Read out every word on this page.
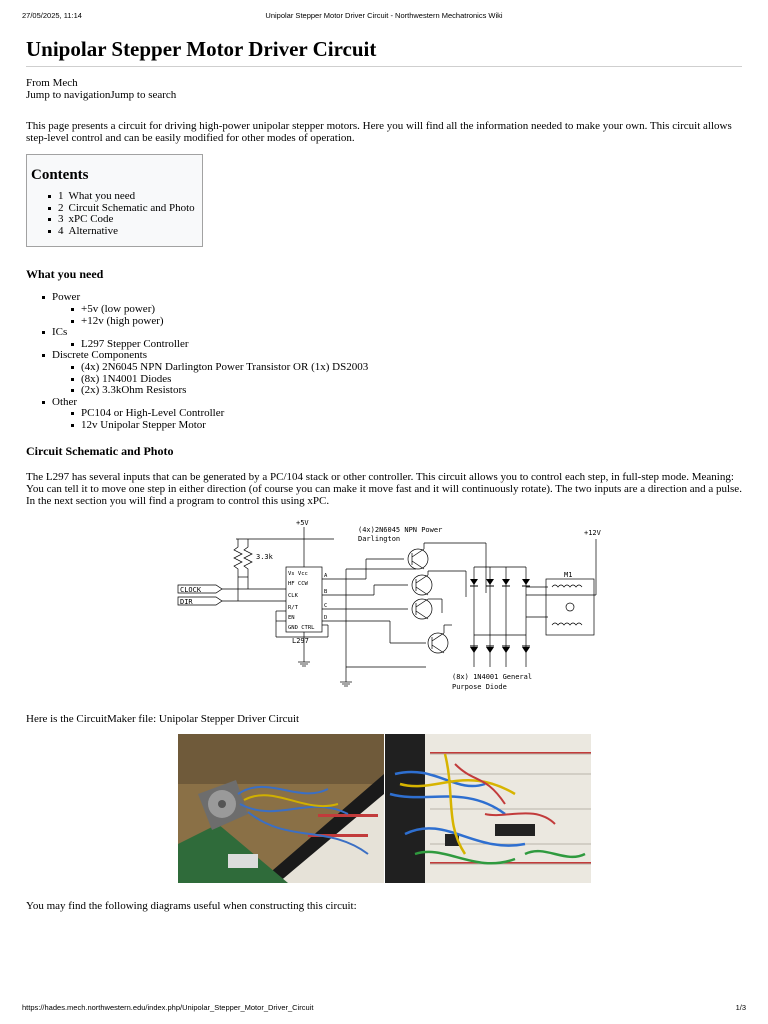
27/05/2025, 11:14	Unipolar Stepper Motor Driver Circuit - Northwestern Mechatronics Wiki
Unipolar Stepper Motor Driver Circuit
From Mech
Jump to navigationJump to search

This page presents a circuit for driving high-power unipolar stepper motors. Here you will find all the information needed to make your own. This circuit allows step-level control and can be easily modified for other modes of operation.

Contents
1 What you need
2 Circuit Schematic and Photo
3 xPC Code
4 Alternative
What you need
Power
+5v (low power)
+12v (high power)
ICs
L297 Stepper Controller
Discrete Components
(4x) 2N6045 NPN Darlington Power Transistor OR (1x) DS2003
(8x) 1N4001 Diodes
(2x) 3.3kOhm Resistors
Other
PC104 or High-Level Controller
12v Unipolar Stepper Motor
Circuit Schematic and Photo

The L297 has several inputs that can be generated by a PC/104 stack or other controller. This circuit allows you to control each step, in full-step mode. Meaning: You can tell it to move one step in either direction (of course you can make it move fast and it will continuously rotate). The two inputs are a direction and a pulse. In the next section you will find a program to control this using xPC.

+5V
+12V
(4x)2N6045 NPN Power
Darlington
3.3k
CLOCK
DIR
Vs Vcc
HF CCW
CLK
R/T
EN
GND CTRL
A
B
C
D
L297
M1
(8x) 1N4001 General
Purpose Diode

Here is the CircuitMaker file: Unipolar Stepper Driver Circuit

You may find the following diagrams useful when constructing this circuit:

https://hades.mech.northwestern.edu/index.php/Unipolar_Stepper_Motor_Driver_Circuit	1/3
